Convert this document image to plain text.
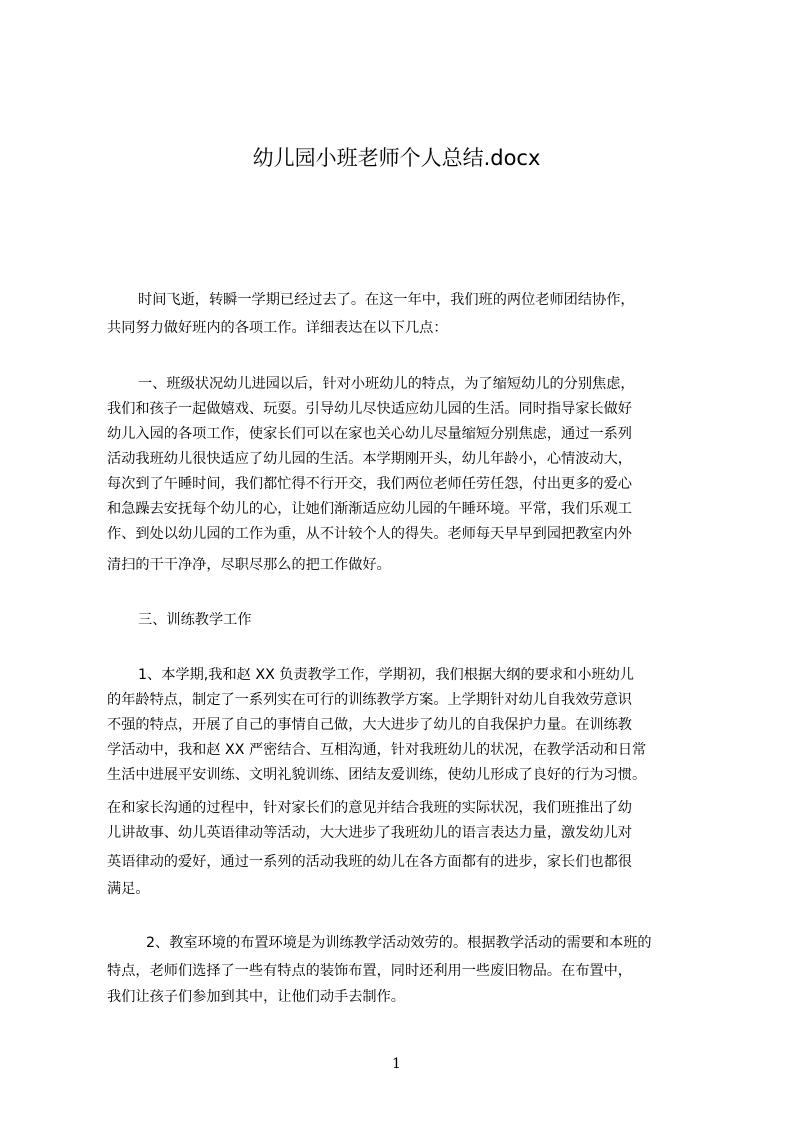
幼儿园小班老师个人总结.docx
时间飞逝，转瞬一学期已经过去了。在这一年中，我们班的两位老师团结协作，
共同努力做好班内的各项工作。详细表达在以下几点：
一、班级状况幼儿进园以后，针对小班幼儿的特点，为了缩短幼儿的分别焦虑，
我们和孩子一起做嬉戏、玩耍。引导幼儿尽快适应幼儿园的生活。同时指导家长做好
幼儿入园的各项工作，使家长们可以在家也关心幼儿尽量缩短分别焦虑，通过一系列
活动我班幼儿很快适应了幼儿园的生活。本学期刚开头，幼儿年龄小，心情波动大，
每次到了午睡时间，我们都忙得不行开交，我们两位老师任劳任怨，付出更多的爱心
和急躁去安抚每个幼儿的心，让她们渐渐适应幼儿园的午睡环境。平常，我们乐观工
作、到处以幼儿园的工作为重，从不计较个人的得失。老师每天早早到园把教室内外
清扫的干干净净，尽职尽那么的把工作做好。
三、训练教学工作
1、本学期,我和赵 XX 负责教学工作，学期初，我们根据大纲的要求和小班幼儿
的年龄特点，制定了一系列实在可行的训练教学方案。上学期针对幼儿自我效劳意识
不强的特点，开展了自己的事情自己做，大大进步了幼儿的自我保护力量。在训练教
学活动中，我和赵 XX 严密结合、互相沟通，针对我班幼儿的状况，在教学活动和日常
生活中进展平安训练、文明礼貌训练、团结友爱训练，使幼儿形成了良好的行为习惯。
在和家长沟通的过程中，针对家长们的意见并结合我班的实际状况，我们班推出了幼
儿讲故事、幼儿英语律动等活动，大大进步了我班幼儿的语言表达力量，激发幼儿对
英语律动的爱好，通过一系列的活动我班的幼儿在各方面都有的进步，家长们也都很
满足。
2、教室环境的布置环境是为训练教学活动效劳的。根据教学活动的需要和本班的
特点，老师们选择了一些有特点的装饰布置，同时还利用一些废旧物品。在布置中，
我们让孩子们参加到其中，让他们动手去制作。
1
